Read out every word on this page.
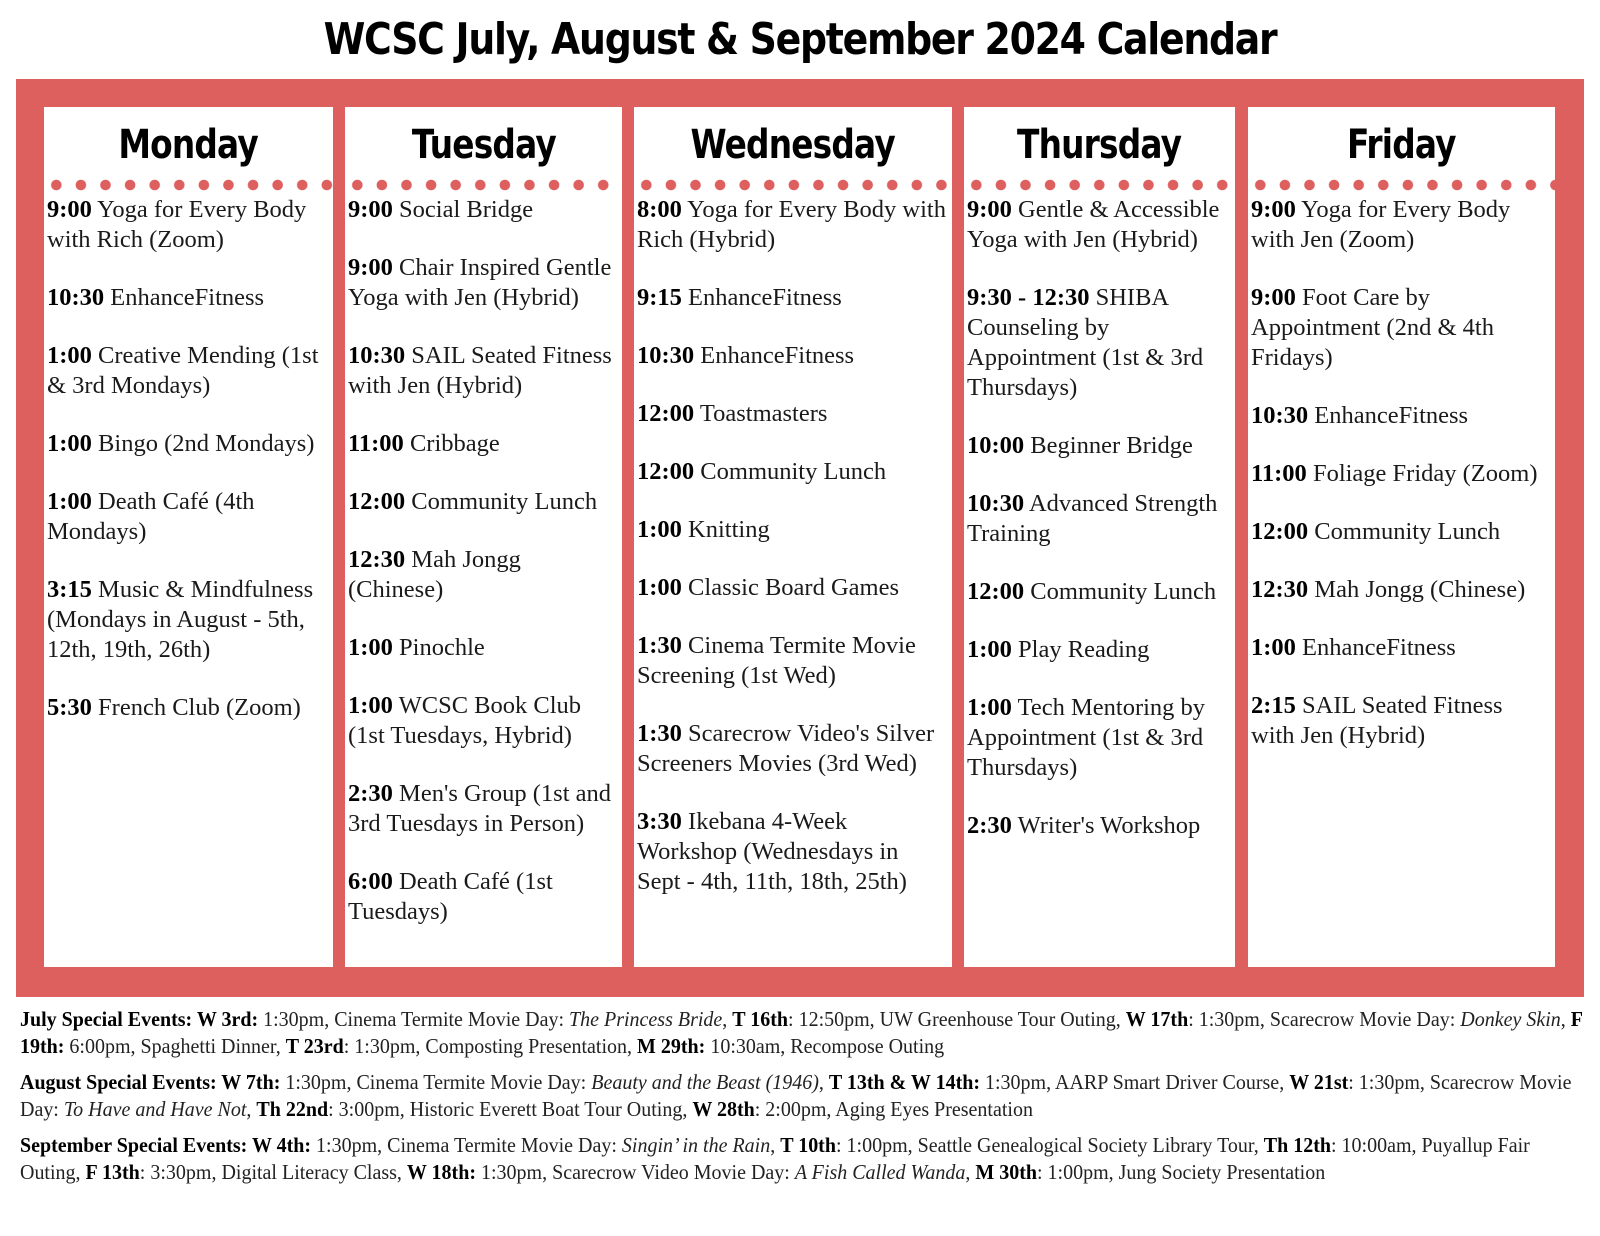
WCSC July, August & September 2024 Calendar
Monday
9:00 Yoga for Every Body with Rich (Zoom)
10:30 EnhanceFitness
1:00 Creative Mending (1st & 3rd Mondays)
1:00 Bingo (2nd Mondays)
1:00 Death Café (4th Mondays)
3:15 Music & Mindfulness (Mondays in August - 5th, 12th, 19th, 26th)
5:30 French Club (Zoom)
Tuesday
9:00 Social Bridge
9:00 Chair Inspired Gentle Yoga with Jen (Hybrid)
10:30 SAIL Seated Fitness with Jen (Hybrid)
11:00 Cribbage
12:00 Community Lunch
12:30 Mah Jongg (Chinese)
1:00 Pinochle
1:00 WCSC Book Club (1st Tuesdays, Hybrid)
2:30 Men's Group (1st and 3rd Tuesdays in Person)
6:00 Death Café (1st Tuesdays)
Wednesday
8:00 Yoga for Every Body with Rich (Hybrid)
9:15 EnhanceFitness
10:30 EnhanceFitness
12:00 Toastmasters
12:00 Community Lunch
1:00 Knitting
1:00 Classic Board Games
1:30 Cinema Termite Movie Screening (1st Wed)
1:30 Scarecrow Video's Silver Screeners Movies (3rd Wed)
3:30 Ikebana 4-Week Workshop (Wednesdays in Sept - 4th, 11th, 18th, 25th)
Thursday
9:00 Gentle & Accessible Yoga with Jen (Hybrid)
9:30 - 12:30 SHIBA Counseling by Appointment (1st & 3rd Thursdays)
10:00 Beginner Bridge
10:30 Advanced Strength Training
12:00 Community Lunch
1:00 Play Reading
1:00 Tech Mentoring by Appointment (1st & 3rd Thursdays)
2:30 Writer's Workshop
Friday
9:00 Yoga for Every Body with Jen (Zoom)
9:00 Foot Care by Appointment (2nd & 4th Fridays)
10:30 EnhanceFitness
11:00 Foliage Friday (Zoom)
12:00 Community Lunch
12:30 Mah Jongg (Chinese)
1:00 EnhanceFitness
2:15 SAIL Seated Fitness with Jen (Hybrid)

July Special Events: W 3rd: 1:30pm, Cinema Termite Movie Day: The Princess Bride, T 16th: 12:50pm, UW Greenhouse Tour Outing, W 17th: 1:30pm, Scarecrow Movie Day: Donkey Skin, F 19th: 6:00pm, Spaghetti Dinner, T 23rd: 1:30pm, Composting Presentation, M 29th: 10:30am, Recompose Outing

August Special Events: W 7th: 1:30pm, Cinema Termite Movie Day: Beauty and the Beast (1946), T 13th & W 14th: 1:30pm, AARP Smart Driver Course, W 21st: 1:30pm, Scarecrow Movie Day: To Have and Have Not, Th 22nd: 3:00pm, Historic Everett Boat Tour Outing, W 28th: 2:00pm, Aging Eyes Presentation

September Special Events: W 4th: 1:30pm, Cinema Termite Movie Day: Singin’ in the Rain, T 10th: 1:00pm, Seattle Genealogical Society Library Tour, Th 12th: 10:00am, Puyallup Fair Outing, F 13th: 3:30pm, Digital Literacy Class, W 18th: 1:30pm, Scarecrow Video Movie Day: A Fish Called Wanda, M 30th: 1:00pm, Jung Society Presentation
